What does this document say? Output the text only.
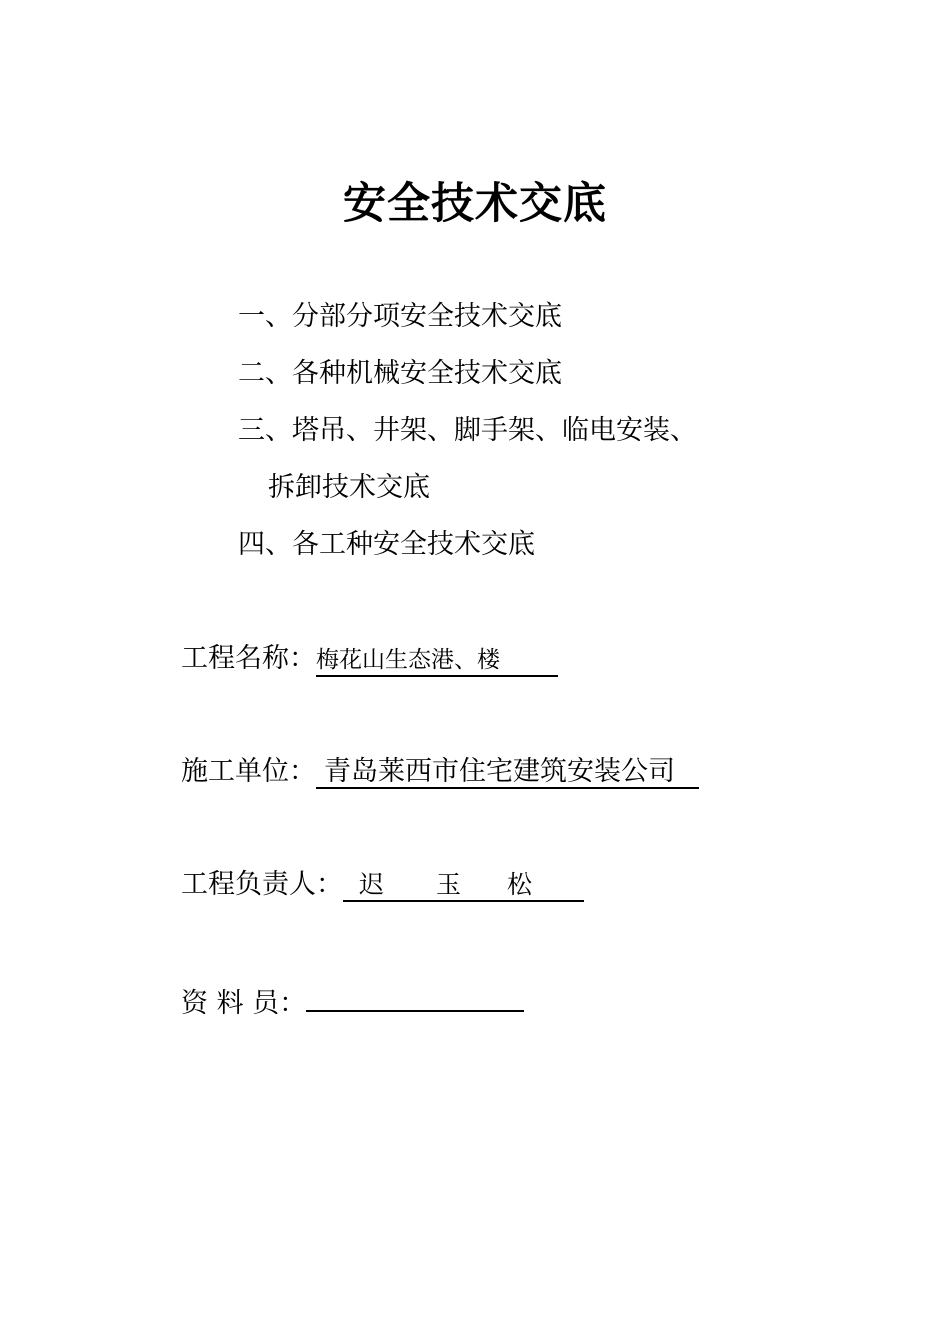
安全技术交底
一、分部分项安全技术交底
二、各种机械安全技术交底
三、塔吊、井架、脚手架、临电安装、
拆卸技术交底
四、各工种安全技术交底
工程名称：梅花山生态港、楼
施工单位： 青岛莱西市住宅建筑安装公司
工程负责人： 迟 玉 松
资 料 员：
